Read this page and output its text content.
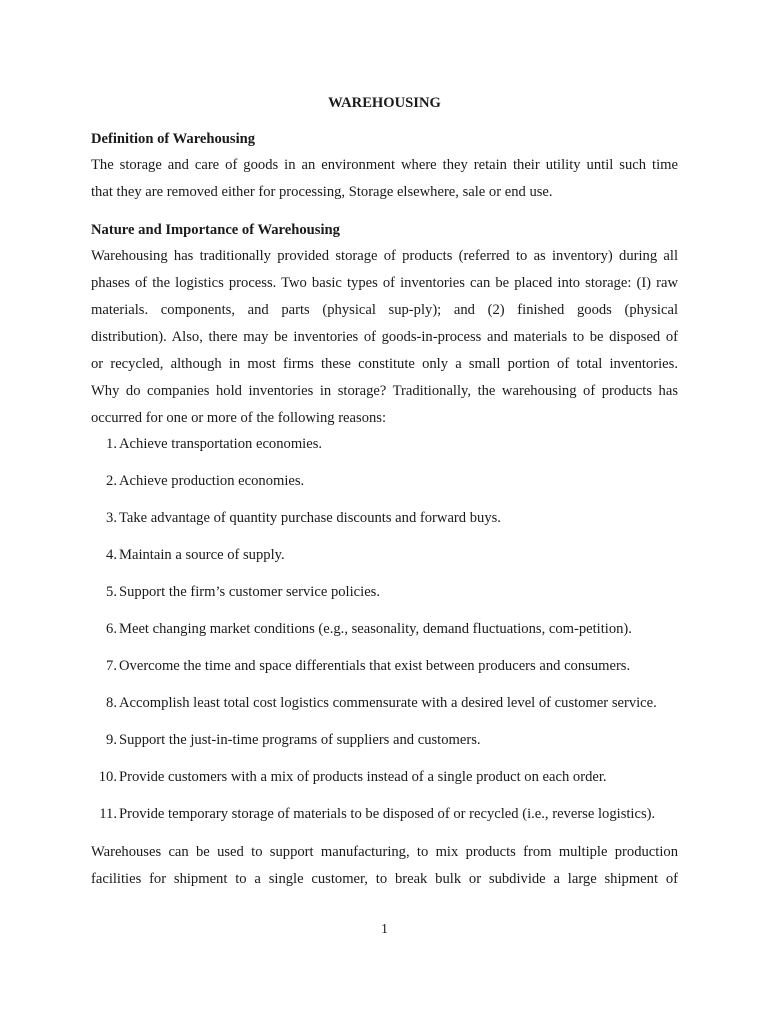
WAREHOUSING
Definition of Warehousing
The storage and care of goods in an environment where they retain their utility until such time
that they are removed either for processing, Storage elsewhere, sale or end use.
Nature and Importance of Warehousing
Warehousing has traditionally provided storage of products (referred to as inventory) during all
phases of the logistics process. Two basic types of inventories can be placed into storage: (I) raw
materials. components, and parts (physical sup-ply); and (2) finished goods (physical
distribution). Also, there may be inventories of goods-in-process and materials to be disposed of
or recycled, although in most firms these constitute only a small portion of total inventories.
Why do companies hold inventories in storage? Traditionally, the warehousing of products has
occurred for one or more of the following reasons:
1. Achieve transportation economies.
2. Achieve production economies.
3. Take advantage of quantity purchase discounts and forward buys.
4. Maintain a source of supply.
5. Support the firm’s customer service policies.
6. Meet changing market conditions (e.g., seasonality, demand fluctuations, com-petition).
7. Overcome the time and space differentials that exist between producers and consumers.
8. Accomplish least total cost logistics commensurate with a desired level of customer service.
9. Support the just-in-time programs of suppliers and customers.
10. Provide customers with a mix of products instead of a single product on each order.
11. Provide temporary storage of materials to be disposed of or recycled (i.e., reverse logistics).
Warehouses can be used to support manufacturing, to mix products from multiple production
facilities for shipment to a single customer, to break bulk or subdivide a large shipment of
1
